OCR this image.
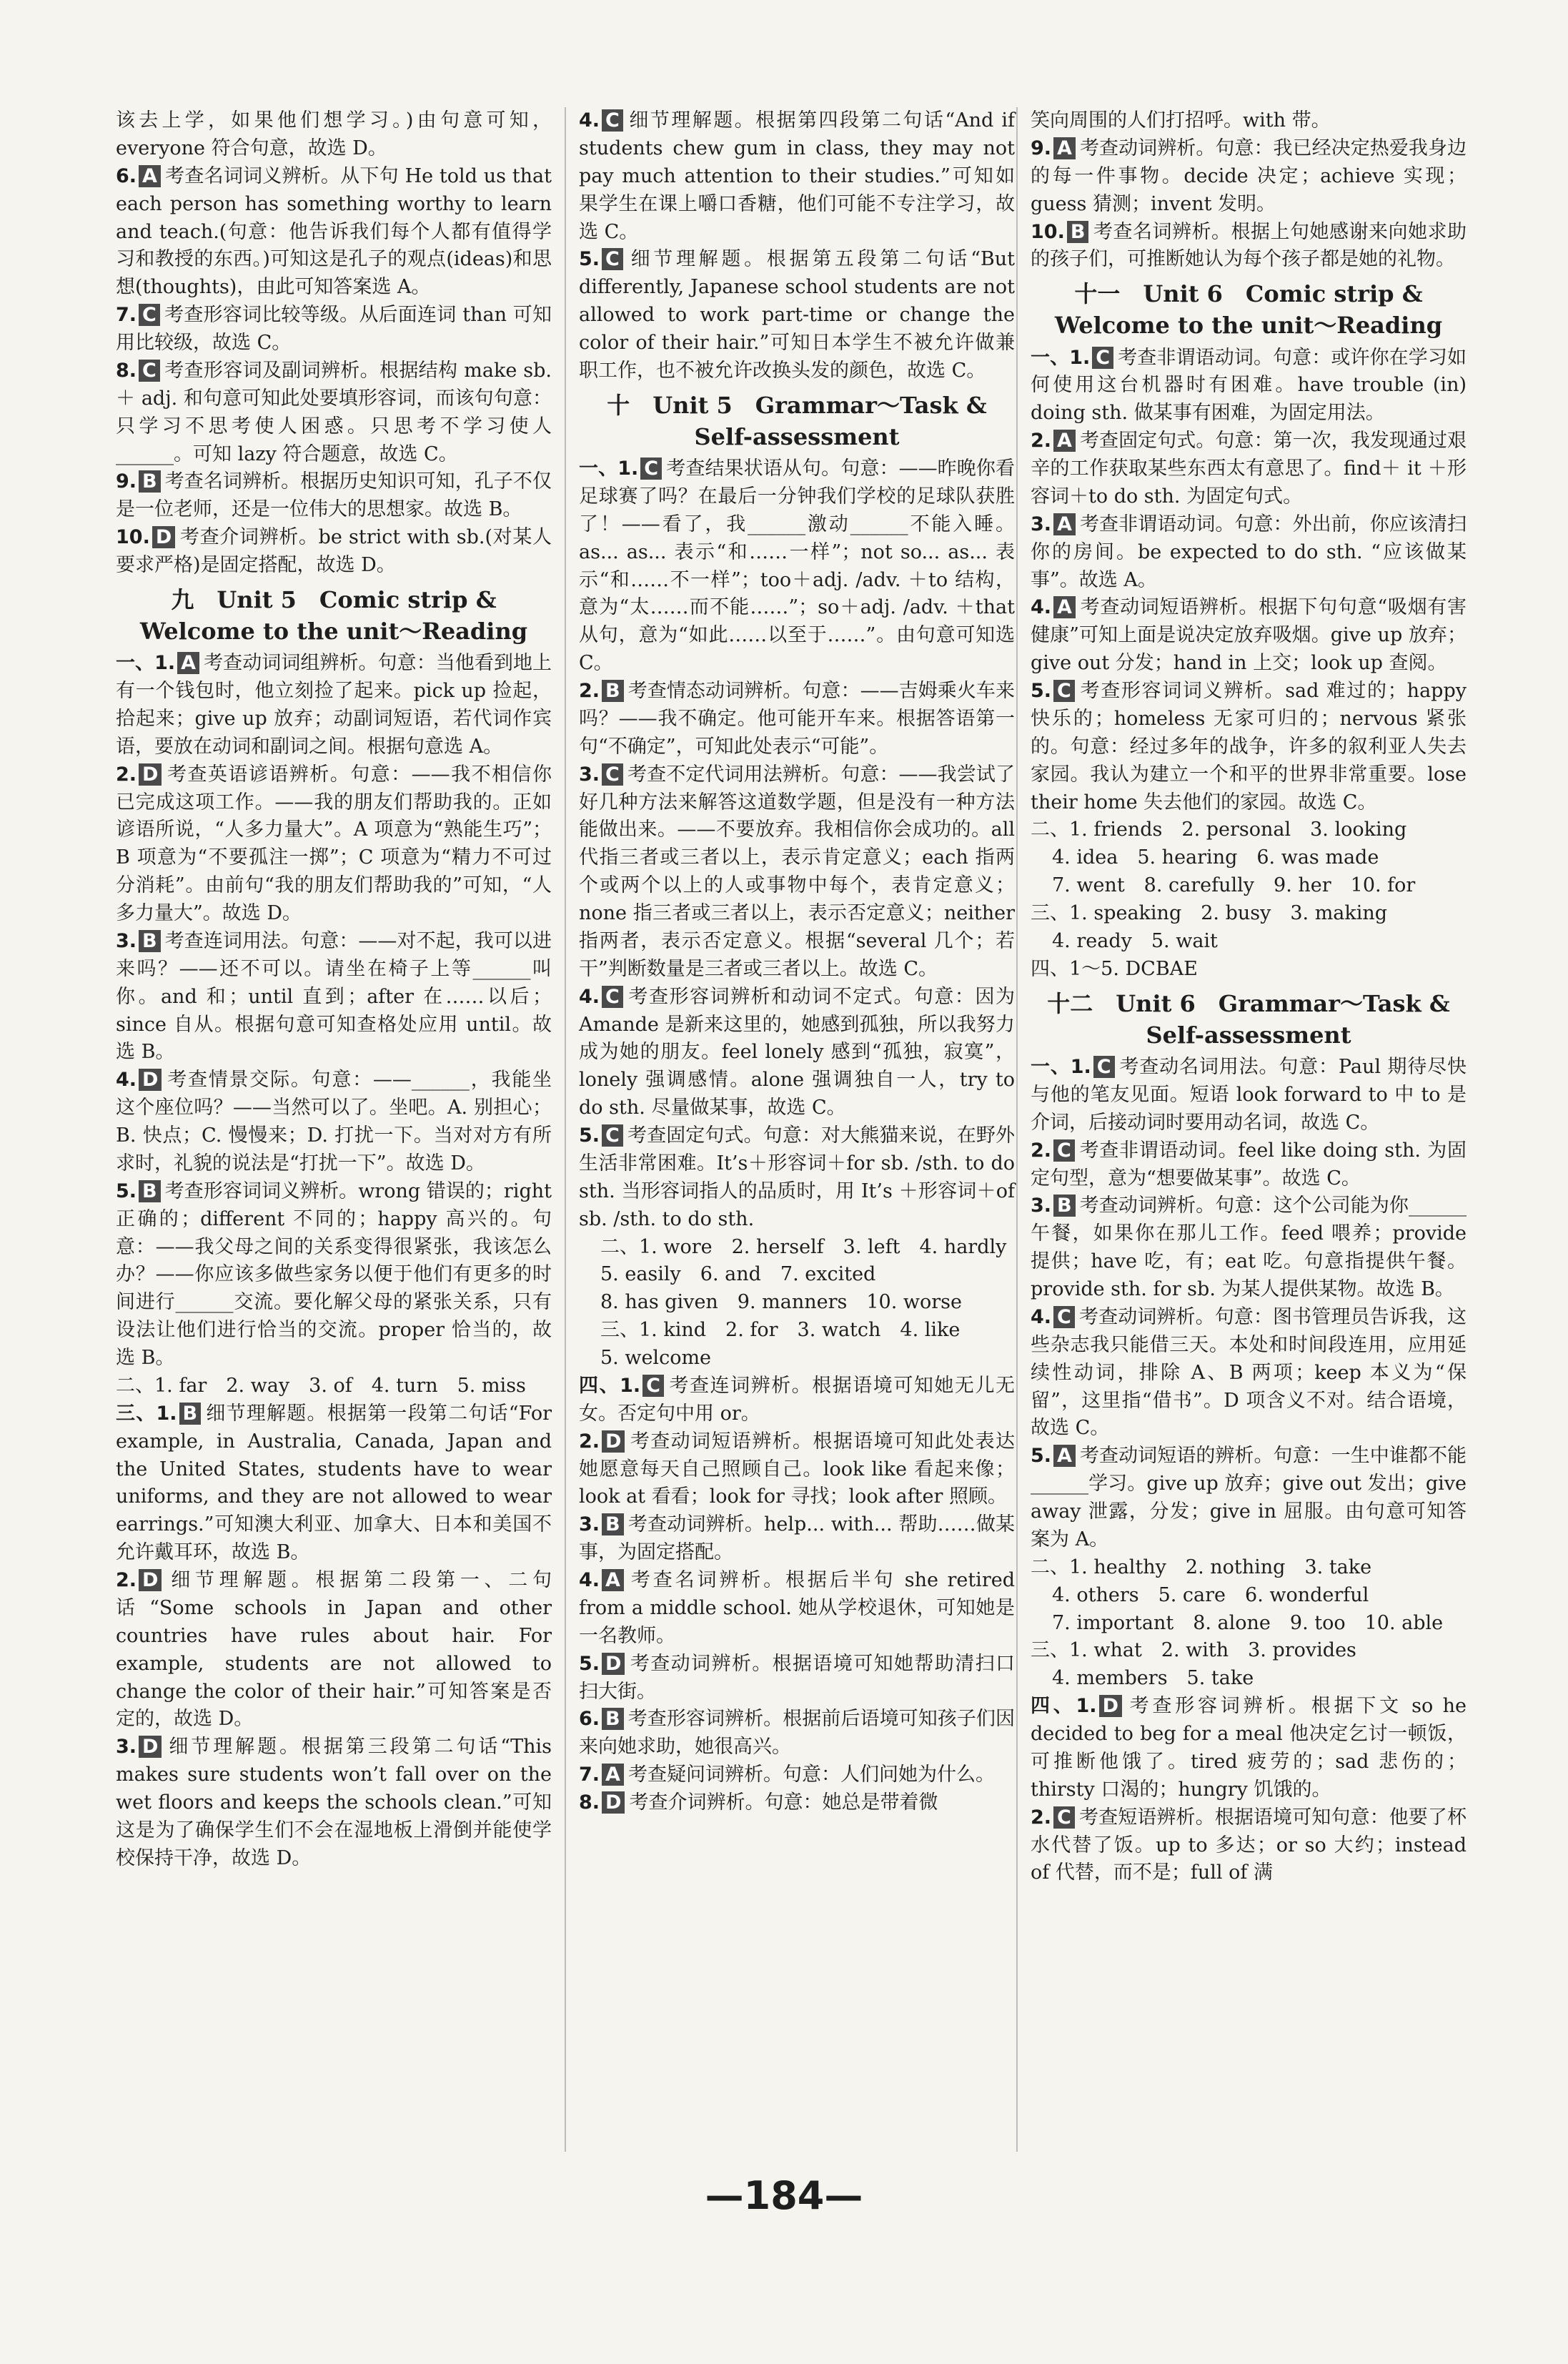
该去上学，如果他们想学习。)由句意可知，everyone 符合句意，故选 D。

6. A 考查名词词义辨析。从下句 He told us that each person has something worthy to learn and teach.(句意：他告诉我们每个人都有值得学习和教授的东西。)可知这是孔子的观点(ideas)和思想(thoughts)，由此可知答案选 A。

7. C 考查形容词比较等级。从后面连词 than 可知用比较级，故选 C。

8. C 考查形容词及副词辨析。根据结构 make sb. ＋ adj. 和句意可知此处要填形容词，而该句句意：只学习不思考使人困惑。只思考不学习使人______。可知 lazy 符合题意，故选 C。

9. B 考查名词辨析。根据历史知识可知，孔子不仅是一位老师，还是一位伟大的思想家。故选 B。

10. D 考查介词辨析。be strict with sb.(对某人要求严格)是固定搭配，故选 D。

九　Unit 5　Comic strip & Welcome to the unit～Reading

一、1. A 考查动词词组辨析。句意：当他看到地上有一个钱包时，他立刻捡了起来。pick up 捡起，拾起来；give up 放弃；动副词短语，若代词作宾语，要放在动词和副词之间。根据句意选 A。

2. D 考查英语谚语辨析。句意：——我不相信你已完成这项工作。——我的朋友们帮助我的。正如谚语所说，“人多力量大”。A 项意为“熟能生巧”；B 项意为“不要孤注一掷”；C 项意为“精力不可过分消耗”。由前句“我的朋友们帮助我的”可知，“人多力量大”。故选 D。

3. B 考查连词用法。句意：——对不起，我可以进来吗？——还不可以。请坐在椅子上等______叫你。and 和；until 直到；after 在……以后；since 自从。根据句意可知查格处应用 until。故选 B。

4. D 考查情景交际。句意：——______，我能坐这个座位吗？——当然可以了。坐吧。A. 别担心；B. 快点；C. 慢慢来；D. 打扰一下。当对对方有所求时，礼貌的说法是“打扰一下”。故选 D。

5. B 考查形容词词义辨析。wrong 错误的；right 正确的；different 不同的；happy 高兴的。句意：——我父母之间的关系变得很紧张，我该怎么办？——你应该多做些家务以便于他们有更多的时间进行______交流。要化解父母的紧张关系，只有设法让他们进行恰当的交流。proper 恰当的，故选 B。

二、1. far　2. way　3. of　4. turn　5. miss

三、1. B 细节理解题。根据第一段第二句话“For example, in Australia, Canada, Japan and the United States, students have to wear uniforms, and they are not allowed to wear earrings.”可知澳大利亚、加拿大、日本和美国不允许戴耳环，故选 B。

2. D 细节理解题。根据第二段第一、二句话“Some schools in Japan and other countries have rules about hair. For example, students are not allowed to change the color of their hair.”可知答案是否定的，故选 D。

3. D 细节理解题。根据第三段第二句话“This makes sure students won’t fall over on the wet floors and keeps the schools clean.”可知这是为了确保学生们不会在湿地板上滑倒并能使学校保持干净，故选 D。

4. C 细节理解题。根据第四段第二句话“And if students chew gum in class, they may not pay much attention to their studies.”可知如果学生在课上嚼口香糖，他们可能不专注学习，故选 C。

5. C 细节理解题。根据第五段第二句话“But differently, Japanese school students are not allowed to work part-time or change the color of their hair.”可知日本学生不被允许做兼职工作，也不被允许改换头发的颜色，故选 C。

十　Unit 5　Grammar～Task & Self-assessment

一、1. C 考查结果状语从句。句意：——昨晚你看足球赛了吗？在最后一分钟我们学校的足球队获胜了！——看了，我______激动______不能入睡。as... as... 表示“和……一样”；not so... as... 表示“和……不一样”；too＋adj. /adv. ＋to 结构，意为“太……而不能……”；so＋adj. /adv. ＋that 从句，意为“如此……以至于……”。由句意可知选 C。

2. B 考查情态动词辨析。句意：——吉姆乘火车来吗？——我不确定。他可能开车来。根据答语第一句“不确定”，可知此处表示“可能”。

3. C 考查不定代词用法辨析。句意：——我尝试了好几种方法来解答这道数学题，但是没有一种方法能做出来。——不要放弃。我相信你会成功的。all 代指三者或三者以上，表示肯定意义；each 指两个或两个以上的人或事物中每个，表肯定意义；none 指三者或三者以上，表示否定意义；neither 指两者，表示否定意义。根据“several 几个；若干”判断数量是三者或三者以上。故选 C。

4. C 考查形容词辨析和动词不定式。句意：因为 Amande 是新来这里的，她感到孤独，所以我努力成为她的朋友。feel lonely 感到“孤独，寂寞”，lonely 强调感情。alone 强调独自一人，try to do sth. 尽量做某事，故选 C。

5. C 考查固定句式。句意：对大熊猫来说，在野外生活非常困难。It’s＋形容词＋for sb. /sth. to do sth. 当形容词指人的品质时，用 It’s ＋形容词＋of sb. /sth. to do sth.

二、1. wore　2. herself　3. left　4. hardly

5. easily　6. and　7. excited

8. has given　9. manners　10. worse

三、1. kind　2. for　3. watch　4. like

5. welcome

四、1. C 考查连词辨析。根据语境可知她无儿无女。否定句中用 or。

2. D 考查动词短语辨析。根据语境可知此处表达她愿意每天自己照顾自己。look like 看起来像；look at 看看；look for 寻找；look after 照顾。

3. B 考查动词辨析。help... with... 帮助……做某事，为固定搭配。

4. A 考查名词辨析。根据后半句 she retired from a middle school. 她从学校退休，可知她是一名教师。

5. D 考查动词辨析。根据语境可知她帮助清扫口扫大街。

6. B 考查形容词辨析。根据前后语境可知孩子们因来向她求助，她很高兴。

7. A 考查疑问词辨析。句意：人们问她为什么。

8. D 考查介词辨析。句意：她总是带着微

笑向周围的人们打招呼。with 带。

9. A 考查动词辨析。句意：我已经决定热爱我身边的每一件事物。decide 决定；achieve 实现；guess 猜测；invent 发明。

10. B 考查名词辨析。根据上句她感谢来向她求助的孩子们，可推断她认为每个孩子都是她的礼物。

十一　Unit 6　Comic strip & Welcome to the unit～Reading

一、1. C 考查非谓语动词。句意：或许你在学习如何使用这台机器时有困难。have trouble (in) doing sth. 做某事有困难，为固定用法。

2. A 考查固定句式。句意：第一次，我发现通过艰辛的工作获取某些东西太有意思了。find＋ it ＋形容词＋to do sth. 为固定句式。

3. A 考查非谓语动词。句意：外出前，你应该清扫你的房间。be expected to do sth. “应该做某事”。故选 A。

4. A 考查动词短语辨析。根据下句句意“吸烟有害健康”可知上面是说决定放弃吸烟。give up 放弃；give out 分发；hand in 上交；look up 查阅。

5. C 考查形容词词义辨析。sad 难过的；happy 快乐的；homeless 无家可归的；nervous 紧张的。句意：经过多年的战争，许多的叙利亚人失去家园。我认为建立一个和平的世界非常重要。lose their home 失去他们的家园。故选 C。

二、1. friends　2. personal　3. looking

4. idea　5. hearing　6. was made

7. went　8. carefully　9. her　10. for

三、1. speaking　2. busy　3. making

4. ready　5. wait

四、1～5. DCBAE

十二　Unit 6　Grammar～Task & Self-assessment

一、1. C 考查动名词用法。句意：Paul 期待尽快与他的笔友见面。短语 look forward to 中 to 是介词，后接动词时要用动名词，故选 C。

2. C 考查非谓语动词。feel like doing sth. 为固定句型，意为“想要做某事”。故选 C。

3. B 考查动词辨析。句意：这个公司能为你______午餐，如果你在那儿工作。feed 喂养；provide 提供；have 吃，有；eat 吃。句意指提供午餐。provide sth. for sb. 为某人提供某物。故选 B。

4. C 考查动词辨析。句意：图书管理员告诉我，这些杂志我只能借三天。本处和时间段连用，应用延续性动词，排除 A、B 两项；keep 本义为“保留”，这里指“借书”。D 项含义不对。结合语境，故选 C。

5. A 考查动词短语的辨析。句意：一生中谁都不能______学习。give up 放弃；give out 发出；give away 泄露，分发；give in 屈服。由句意可知答案为 A。

二、1. healthy　2. nothing　3. take

4. others　5. care　6. wonderful

7. important　8. alone　9. too　10. able

三、1. what　2. with　3. provides

4. members　5. take

四、1. D 考查形容词辨析。根据下文 so he decided to beg for a meal 他决定乞讨一顿饭，可推断他饿了。tired 疲劳的；sad 悲伤的；thirsty 口渴的；hungry 饥饿的。

2. C 考查短语辨析。根据语境可知句意：他要了杯水代替了饭。up to 多达；or so 大约；instead of 代替，而不是；full of 满

—184—
